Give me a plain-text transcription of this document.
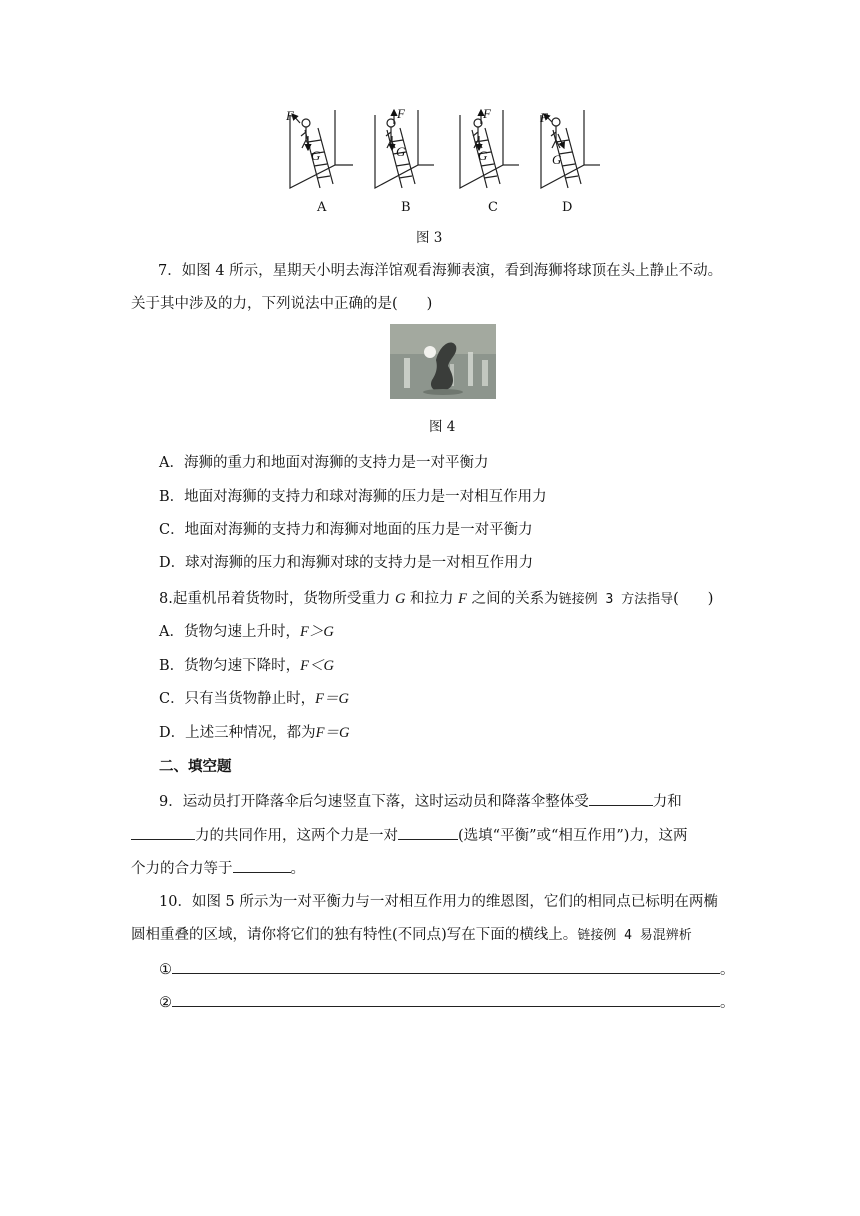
F
G
F
G
F
G
F
G
A	B	C	D
图 3
7．如图 4 所示，星期天小明去海洋馆观看海狮表演，看到海狮将球顶在头上静止不动。
关于其中涉及的力，下列说法中正确的是(　　)
图 4
A．海狮的重力和地面对海狮的支持力是一对平衡力
B．地面对海狮的支持力和球对海狮的压力是一对相互作用力
C．地面对海狮的支持力和海狮对地面的压力是一对平衡力
D．球对海狮的压力和海狮对球的支持力是一对相互作用力
8.起重机吊着货物时，货物所受重力 G 和拉力 F 之间的关系为链接例 3 方法指导(　　)
A．货物匀速上升时，F＞G
B．货物匀速下降时，F＜G
C．只有当货物静止时，F＝G
D．上述三种情况，都为F＝G
二、填空题
9．运动员打开降落伞后匀速竖直下落，这时运动员和降落伞整体受	力和
力的共同作用，这两个力是一对	(选填“平衡”或“相互作用”)力，这两
个力的合力等于	。
10．如图 5 所示为一对平衡力与一对相互作用力的维恩图，它们的相同点已标明在两椭
圆相重叠的区域，请你将它们的独有特性(不同点)写在下面的横线上。链接例 4 易混辨析
①	。
②	。
